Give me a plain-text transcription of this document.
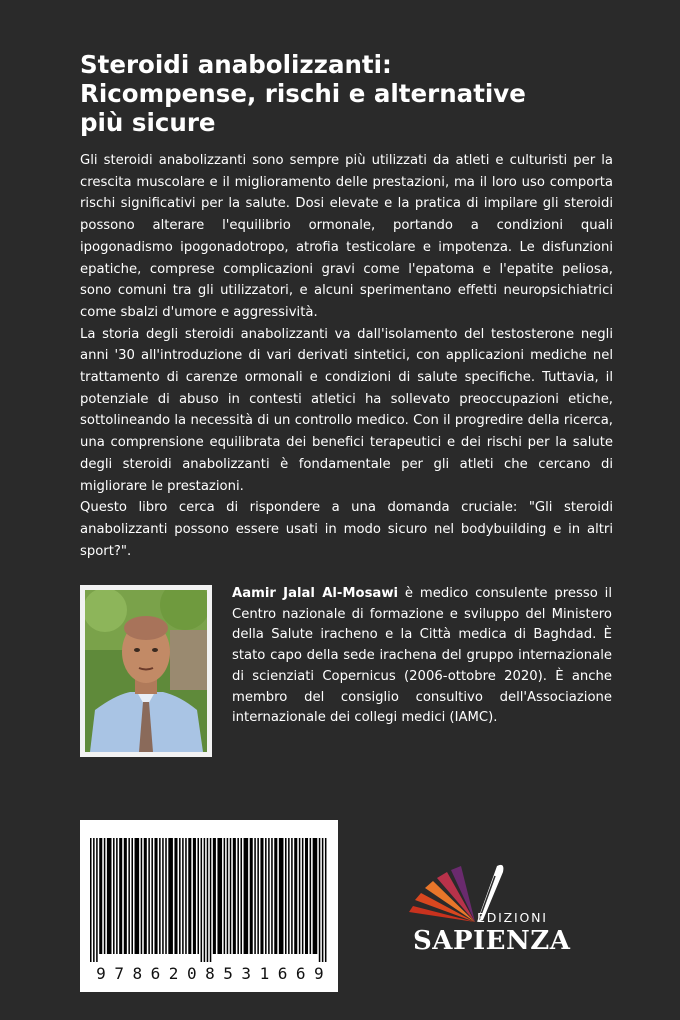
Steroidi anabolizzanti:
Ricompense, rischi e alternative
più sicure

Gli steroidi anabolizzanti sono sempre più utilizzati da atleti e culturisti per la crescita muscolare e il miglioramento delle prestazioni, ma il loro uso comporta rischi significativi per la salute. Dosi elevate e la pratica di impilare gli steroidi possono alterare l'equilibrio ormonale, portando a condizioni quali ipogonadismo ipogonadotropo, atrofia testicolare e impotenza. Le disfunzioni epatiche, comprese complicazioni gravi come l'epatoma e l'epatite peliosa, sono comuni tra gli utilizzatori, e alcuni sperimentano effetti neuropsichiatrici come sbalzi d'umore e aggressività.

La storia degli steroidi anabolizzanti va dall'isolamento del testosterone negli anni '30 all'introduzione di vari derivati sintetici, con applicazioni mediche nel trattamento di carenze ormonali e condizioni di salute specifiche. Tuttavia, il potenziale di abuso in contesti atletici ha sollevato preoccupazioni etiche, sottolineando la necessità di un controllo medico. Con il progredire della ricerca, una comprensione equilibrata dei benefici terapeutici e dei rischi per la salute degli steroidi anabolizzanti è fondamentale per gli atleti che cercano di migliorare le prestazioni.

Questo libro cerca di rispondere a una domanda cruciale: "Gli steroidi anabolizzanti possono essere usati in modo sicuro nel bodybuilding e in altri sport?".

Aamir Jalal Al-Mosawi è medico consulente presso il Centro nazionale di formazione e sviluppo del Ministero della Salute iracheno e la Città medica di Baghdad. È stato capo della sede irachena del gruppo internazionale di scienziati Copernicus (2006-ottobre 2020). È anche membro del consiglio consultivo dell'Associazione internazionale dei collegi medici (IAMC).

9 7 8 6 2 0 8 5 3 1 6 6 9
EDIZIONI
SAPIENZA
